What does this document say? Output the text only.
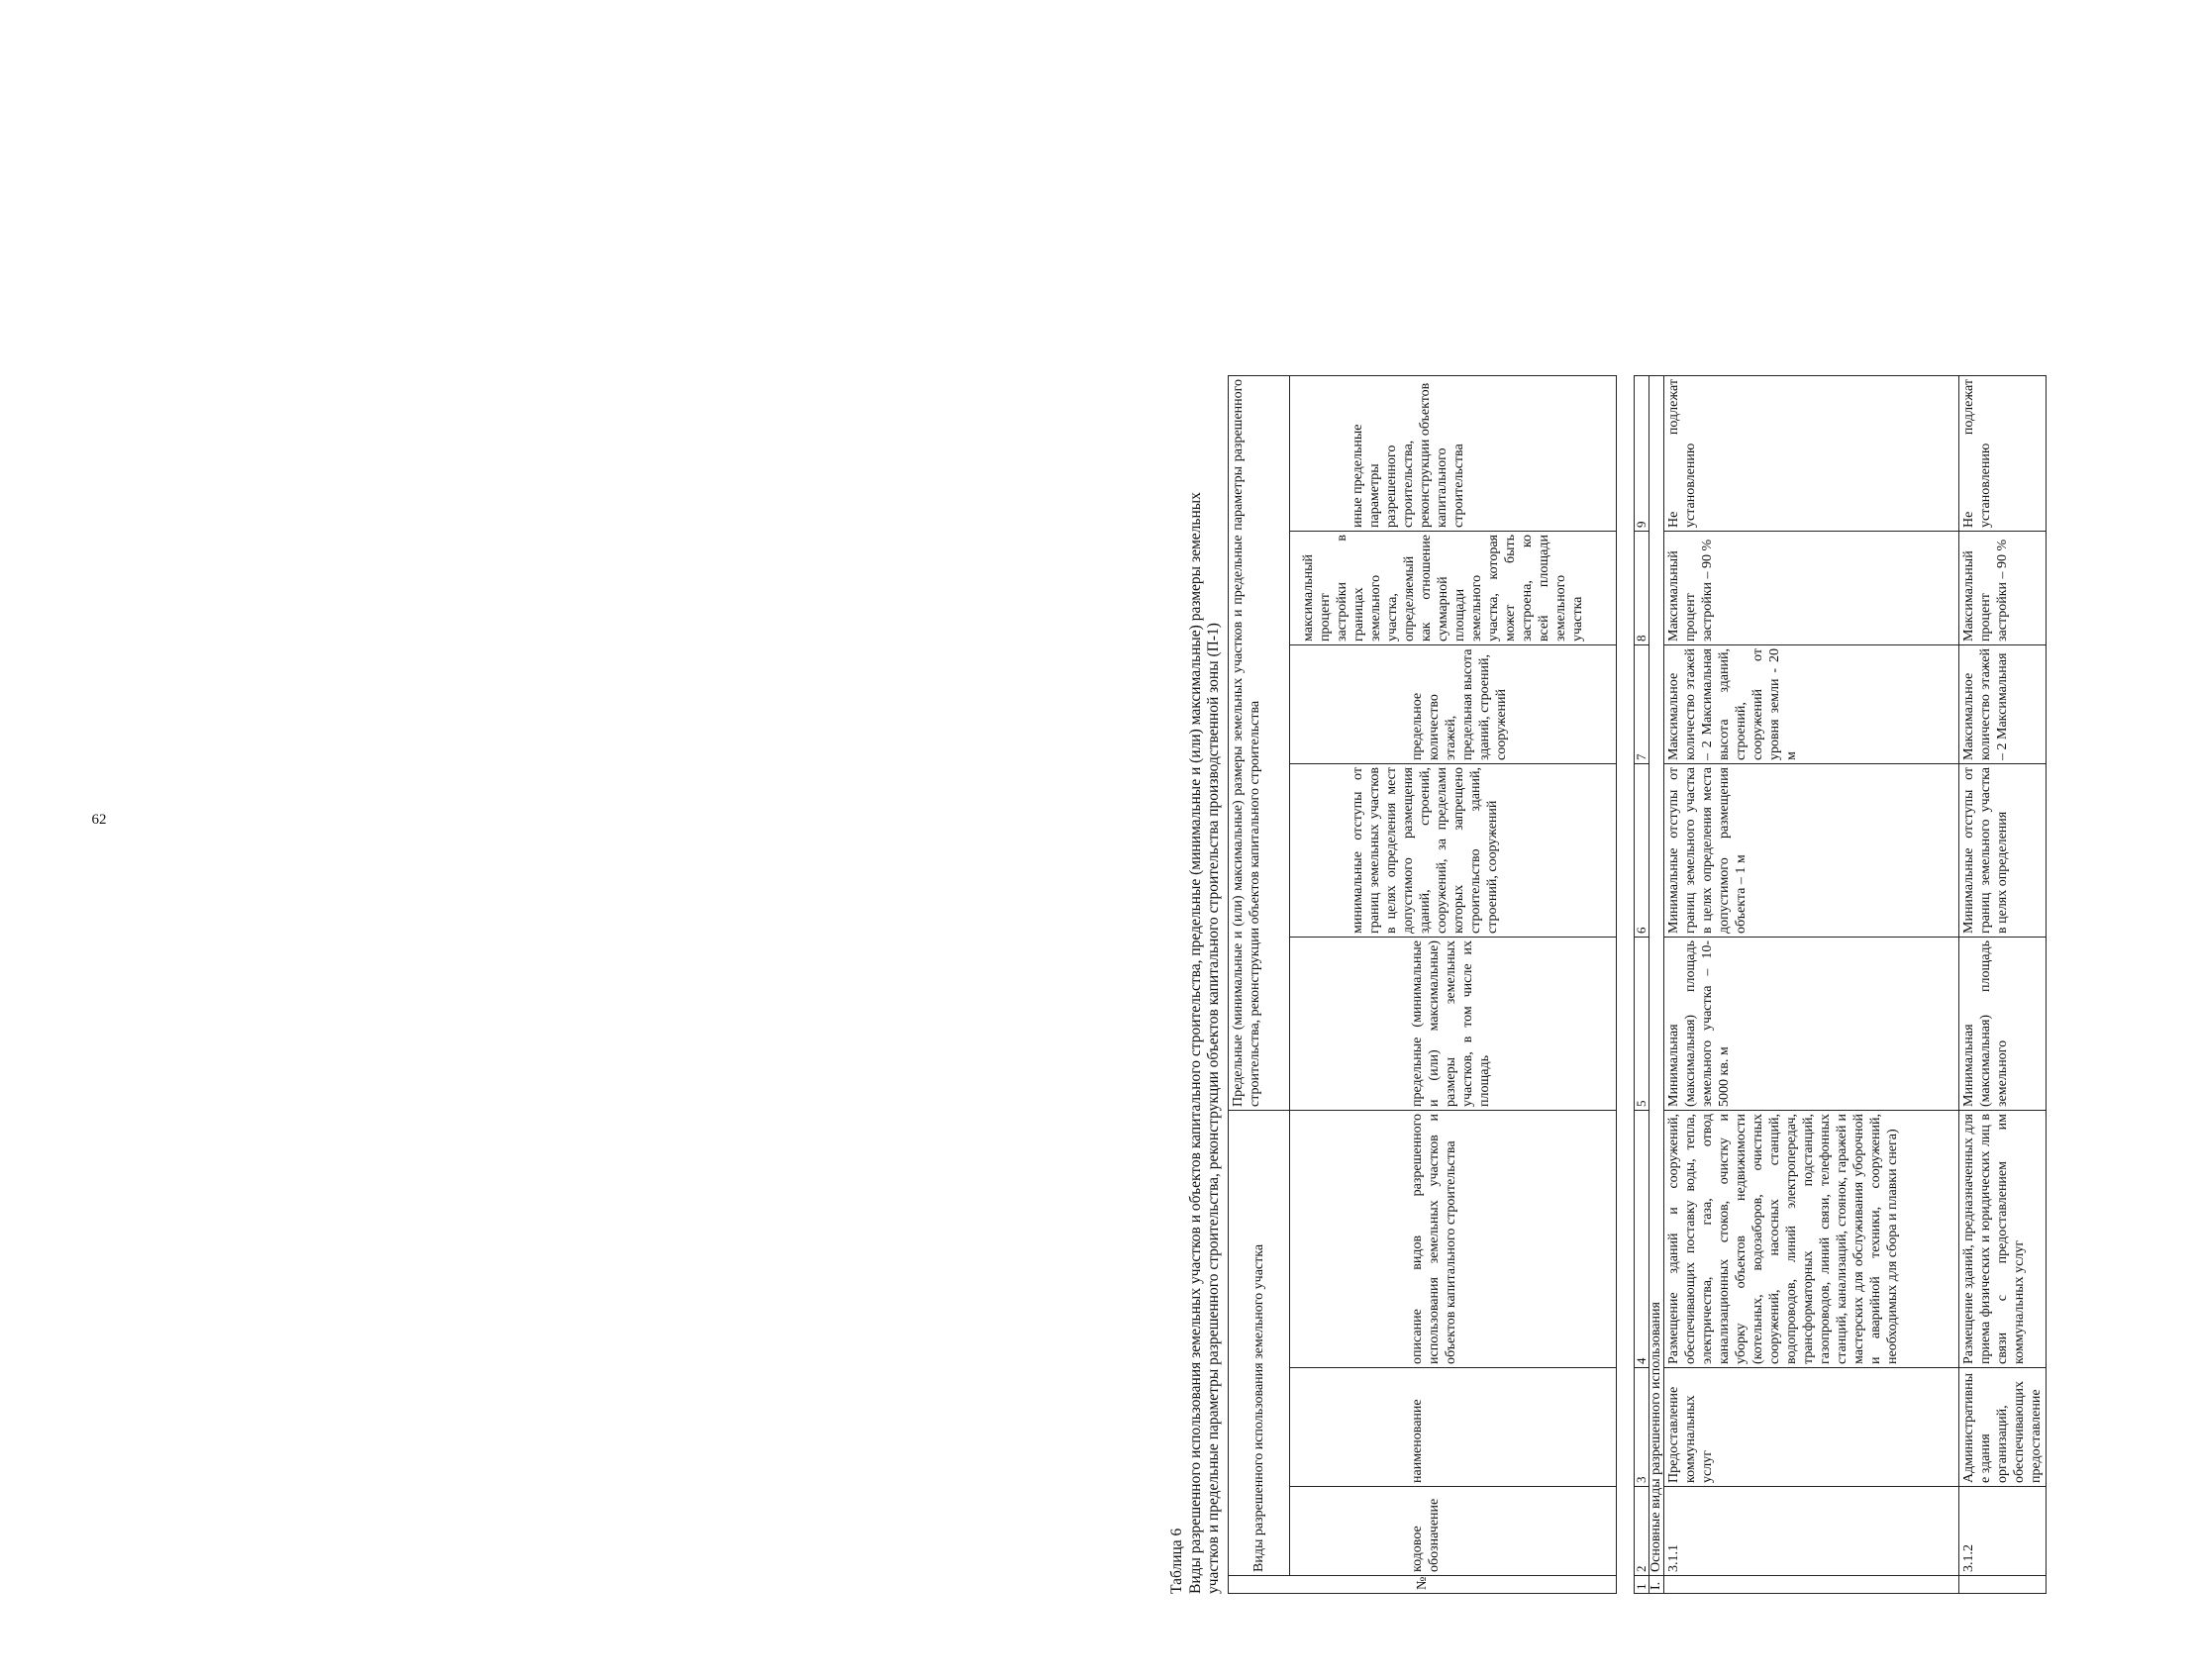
62
Таблица 6 Виды разрешенного использования земельных участков и объектов капитального строительства, предельные (минимальные и (или) максимальные) размеры земельных участков и предельные параметры разрешенного строительства, реконструкции объектов капитального строительства производственной зоны (П-1)	№	Виды разрешенного использования земельного участка			Предельные (минимальные и (или) максимальные) размеры земельных участков и предельные параметры разрешенного строительства, реконструкции объектов капитального строительства				
	кодовое обозначение	наименование	описание видов разрешенного использования земельных участков и объектов капитального строительства	предельные (минимальные и (или) максимальные) размеры земельных участков, в том числе их площадь	минимальные отступы от границ земельных участков в целях определения мест допустимого размещения зданий, строений, сооружений, за пределами которых запрещено строительство зданий, строений, сооружений	предельное количество этажей, предельная высота зданий, строений, сооружений	максимальный процент застройки в границах земельного участка, определяемый как отношение суммарной площади земельного участка, которая может быть застроена, ко всей площади земельного участка	иные предельные параметры разрешенного строительства, реконструкции объектов капитального строительства
1	2	3	4	5	6	7	8	9
I.	Основные виды разрешенного использования							
	3.1.1	Предоставление коммунальных услуг	Размещение зданий и сооружений, обеспечивающих поставку воды, тепла, электричества, газа, отвод канализационных стоков, очистку и уборку объектов недвижимости (котельных, водозаборов, очистных сооружений, насосных станций, водопроводов, линий электропередач, трансформаторных подстанций, газопроводов, линий связи, телефонных станций, канализаций, стоянок, гаражей и мастерских для обслуживания уборочной и аварийной техники, сооружений, необходимых для сбора и плавки снега)	Минимальная (максимальная) площадь земельного участка – 10-5000 кв. м	Минимальные отступы от границ земельного участка в целях определения места допустимого размещения объекта – 1 м	Максимальное количество этажей – 2 Максимальная высота зданий, строений, сооружений от уровня земли - 20 м	Максимальный процент застройки – 90 %	Не подлежат установлению
	3.1.2	Административные здания организаций, обеспечивающих предоставление	Размещение зданий, предназначенных для приема физических и юридических лиц в связи с предоставлением им коммунальных услуг	Минимальная (максимальная) площадь земельного	Минимальные отступы от границ земельного участка в целях определения	Максимальное количество этажей – 2 Максимальная	Максимальный процент застройки – 90 %	Не подлежат установлению
